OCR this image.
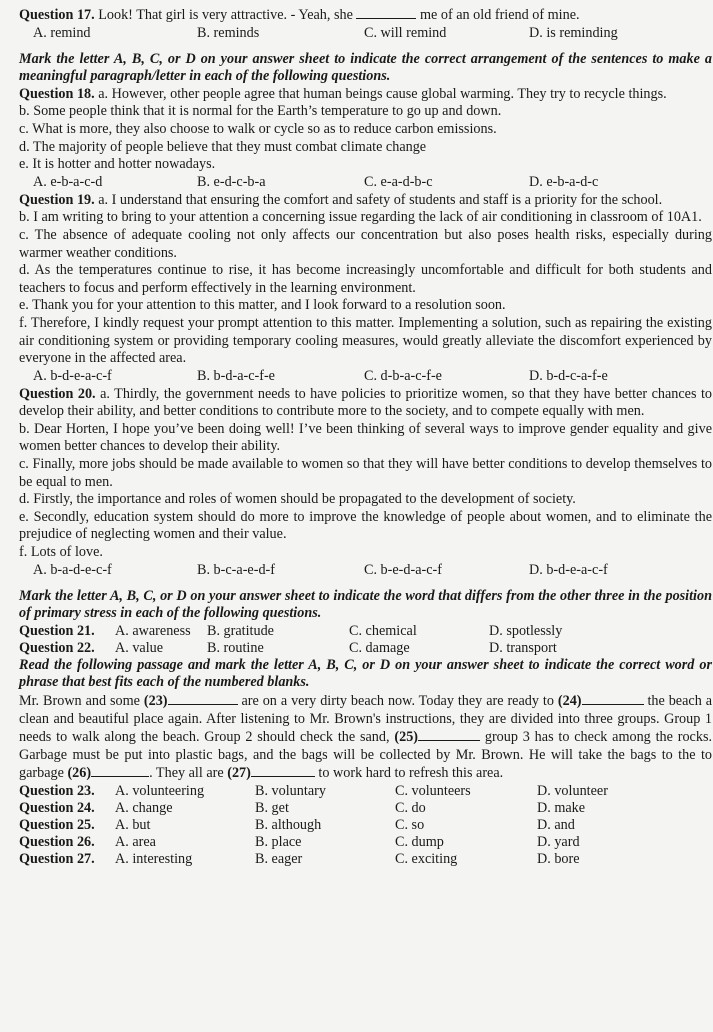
Question 17. Look! That girl is very attractive. - Yeah, she	me of an old friend of mine.

A. remind	B. reminds	C. will remind	D. is reminding

Mark the letter A, B, C, or D on your answer sheet to indicate the correct arrangement of the sentences to make a meaningful paragraph/letter in each of the following questions.

Question 18. a. However, other people agree that human beings cause global warming. They try to recycle things.

b. Some people think that it is normal for the Earth’s temperature to go up and down.

c. What is more, they also choose to walk or cycle so as to reduce carbon emissions.

d. The majority of people believe that they must combat climate change

e. It is hotter and hotter nowadays.

A. e-b-a-c-d	B. e-d-c-b-a	C. e-a-d-b-c	D. e-b-a-d-c

Question 19. a. I understand that ensuring the comfort and safety of students and staff is a priority for the school.

b. I am writing to bring to your attention a concerning issue regarding the lack of air conditioning in classroom of 10A1.

c. The absence of adequate cooling not only affects our concentration but also poses health risks, especially during warmer weather conditions.

d. As the temperatures continue to rise, it has become increasingly uncomfortable and difficult for both students and teachers to focus and perform effectively in the learning environment.

e. Thank you for your attention to this matter, and I look forward to a resolution soon.

f. Therefore, I kindly request your prompt attention to this matter. Implementing a solution, such as repairing the existing air conditioning system or providing temporary cooling measures, would greatly alleviate the discomfort experienced by everyone in the affected area.

A. b-d-e-a-c-f	B. b-d-a-c-f-e	C. d-b-a-c-f-e	D. b-d-c-a-f-e

Question 20. a. Thirdly, the government needs to have policies to prioritize women, so that they have better chances to develop their ability, and better conditions to contribute more to the society, and to compete equally with men.

b. Dear Horten, I hope you’ve been doing well! I’ve been thinking of several ways to improve gender equality and give women better chances to develop their ability.

c. Finally, more jobs should be made available to women so that they will have better conditions to develop themselves to be equal to men.

d. Firstly, the importance and roles of women should be propagated to the development of society.

e. Secondly, education system should do more to improve the knowledge of people about women, and to eliminate the prejudice of neglecting women and their value.

f. Lots of love.

A. b-a-d-e-c-f	B. b-c-a-e-d-f	C. b-e-d-a-c-f	D. b-d-e-a-c-f

Mark the letter A, B, C, or D on your answer sheet to indicate the word that differs from the other three in the position of primary stress in each of the following questions.

Question 21. A. awareness B. gratitude	C. chemical	D. spotlessly
Question 22. A. value	B. routine	C. damage	D. transport

Read the following passage and mark the letter A, B, C, or D on your answer sheet to indicate the correct word or phrase that best fits each of the numbered blanks.

Mr. Brown and some (23)	are on a very dirty beach now. Today they are ready to (24)	the beach a clean and beautiful place again. After listening to Mr. Brown's instructions, they are divided into three groups. Group 1 needs to walk along the beach. Group 2 should check the sand, (25)	group 3 has to check among the rocks. Garbage must be put into plastic bags, and the bags will be collected by Mr. Brown. He will take the bags to the to garbage (26)	. They all are (27)	to work hard to refresh this area.

Question 23. A. volunteering	B. voluntary	C. volunteers	D. volunteer
Question 24. A. change	B. get	C. do	D. make
Question 25. A. but	B. although	C. so	D. and
Question 26. A. area	B. place	C. dump	D. yard
Question 27. A. interesting	B. eager	C. exciting	D. bore
